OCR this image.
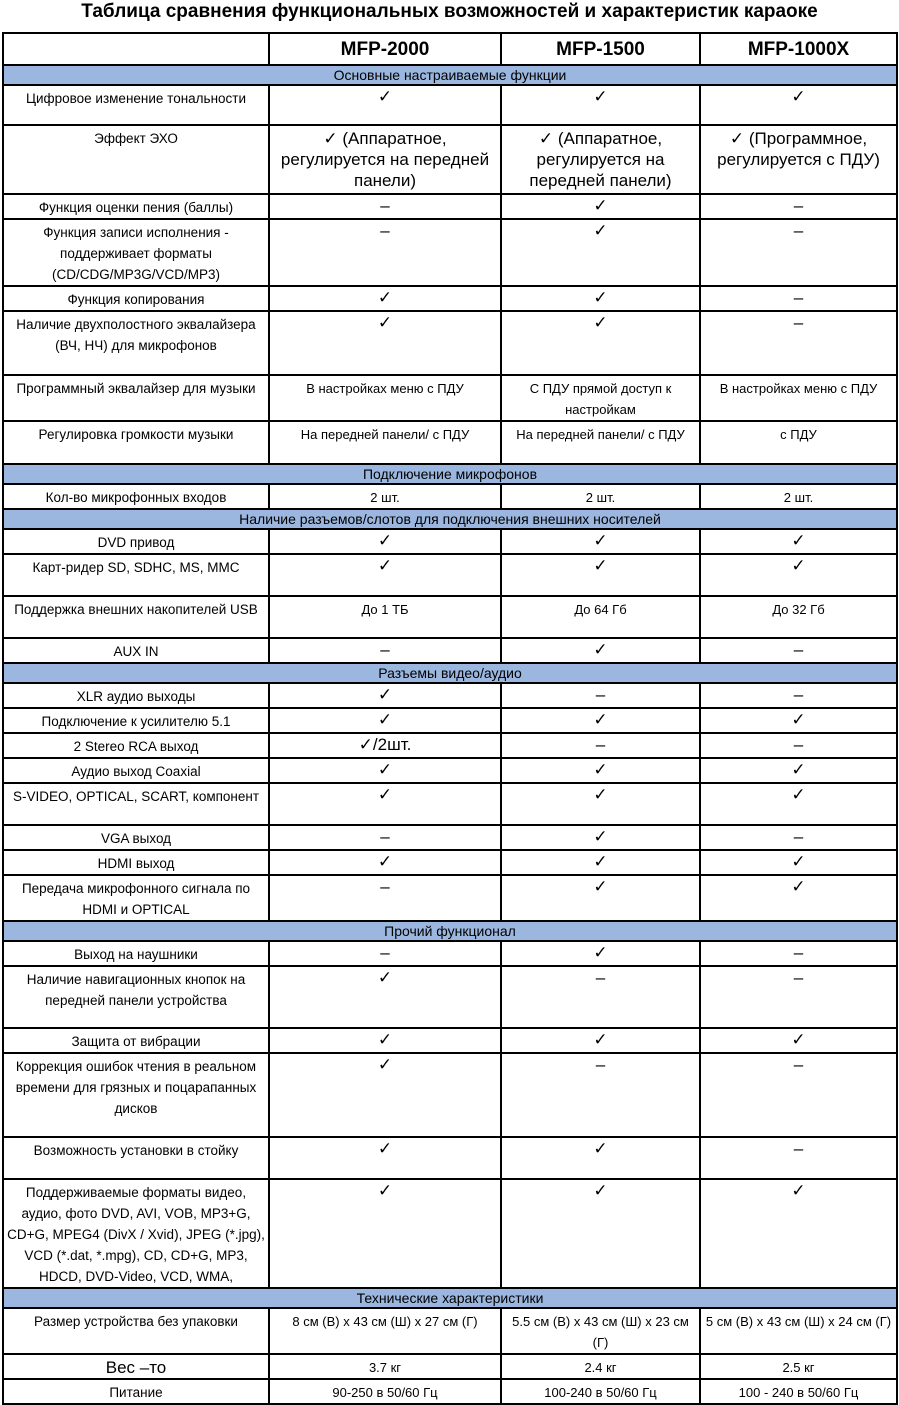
Таблица сравнения функциональных возможностей и характеристик караоке
	MFP-2000	MFP-1500	MFP-1000X
Основные настраиваемые функции			
Цифровое изменение тональности	✓	✓	✓
Эффект ЭХО	✓ (Аппаратное, регулируется на передней панели)	✓ (Аппаратное, регулируется на передней панели)	✓ (Программное, регулируется с ПДУ)
Функция оценки пения (баллы)	–	✓	–
Функция записи исполнения - поддерживает форматы (CD/CDG/MP3G/VCD/MP3)	–	✓	–
Функция копирования	✓	✓	–
Наличие двухполостного эквалайзера (ВЧ, НЧ) для микрофонов	✓	✓	–
Программный эквалайзер для музыки	В настройках меню с ПДУ	С ПДУ прямой доступ к настройкам	В настройках меню с ПДУ
Регулировка громкости музыки	На передней панели/ с ПДУ	На передней панели/ с ПДУ	с ПДУ
Подключение микрофонов			
Кол-во микрофонных входов	2 шт.	2 шт.	2 шт.
Наличие разъемов/слотов для подключения внешних носителей			
DVD привод	✓	✓	✓
Карт-ридер SD, SDHC, MS, MMC	✓	✓	✓
Поддержка внешних накопителей USB	До 1 ТБ	До 64 Гб	До 32 Гб
AUX IN	–	✓	–
Разъемы видео/аудио			
XLR аудио выходы	✓	–	–
Подключение к усилителю 5.1	✓	✓	✓
2 Stereo RCA выход	✓/2шт.	–	–
Аудио выход Coaxial	✓	✓	✓
S-VIDEO, OPTICAL, SCART, компонент	✓	✓	✓
VGA выход	–	✓	–
HDMI выход	✓	✓	✓
Передача микрофонного сигнала по HDMI и OPTICAL	–	✓	✓
Прочий функционал			
Выход на наушники	–	✓	–
Наличие навигационных кнопок на передней панели устройства	✓	–	–
Защита от вибрации	✓	✓	✓
Коррекция ошибок чтения в реальном времени для грязных и поцарапанных дисков	✓	–	–
Возможность установки в стойку	✓	✓	–
Поддерживаемые форматы видео, аудио, фото DVD, AVI, VOB, MP3+G, CD+G, MPEG4 (DivX / Xvid), JPEG (*.jpg), VCD (*.dat, *.mpg), CD, CD+G, MP3, HDCD, DVD-Video, VCD, WMA,	✓	✓	✓
Технические характеристики			
Размер устройства без упаковки	8 см (В) x 43 см (Ш) x 27 см (Г)	5.5 см (В) x 43 см (Ш) x 23 см (Г)	5 см (В) x 43 см (Ш) x 24 см (Г)
Вес –то	3.7 кг	2.4 кг	2.5 кг
Питание	90-250 в 50/60 Гц	100-240 в 50/60 Гц	100 - 240 в 50/60 Гц
